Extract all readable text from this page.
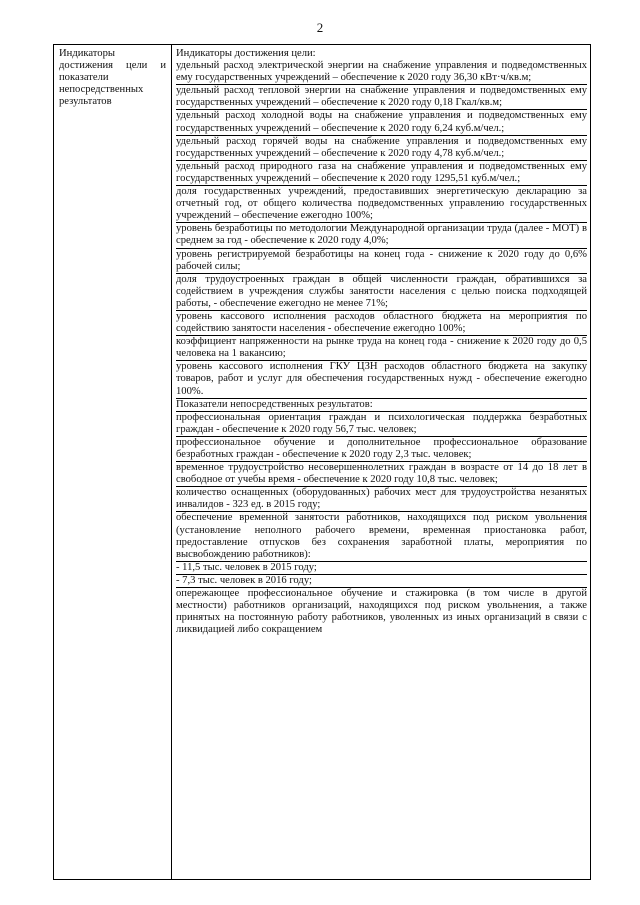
2
Индикаторы достижения цели и показатели непосредственных результатов
Индикаторы достижения цели:
удельный расход электрической энергии на снабжение управления и подведомственных ему государственных учреждений – обеспечение к 2020 году 36,30 кВт·ч/кв.м;
удельный расход тепловой энергии на снабжение управления и подведомственных ему государственных учреждений – обеспечение к 2020 году 0,18 Гкал/кв.м;
удельный расход холодной воды на снабжение управления и подведомственных ему государственных учреждений – обеспечение к 2020 году 6,24 куб.м/чел.;
удельный расход горячей воды на снабжение управления и подведомственных ему государственных учреждений – обеспечение к 2020 году 4,78 куб.м/чел.;
удельный расход природного газа на снабжение управления и подведомственных ему государственных учреждений – обеспечение к 2020 году 1295,51 куб.м/чел.;
доля государственных учреждений, предоставивших энергетическую декларацию за отчетный год, от общего количества подведомственных управлению государственных учреждений – обеспечение ежегодно 100%;
уровень безработицы по методологии Международной организации труда (далее - МОТ) в среднем за год - обеспечение к 2020 году 4,0%;
уровень регистрируемой безработицы на конец года - снижение к 2020 году до 0,6% рабочей силы;
доля трудоустроенных граждан в общей численности граждан, обратившихся за содействием в учреждения службы занятости населения с целью поиска подходящей работы, - обеспечение ежегодно не менее 71%;
уровень кассового исполнения расходов областного бюджета на мероприятия по содействию занятости населения - обеспечение ежегодно 100%;
коэффициент напряженности на рынке труда на конец года - снижение к 2020 году до 0,5 человека на 1 вакансию;
уровень кассового исполнения ГКУ ЦЗН расходов областного бюджета на закупку товаров, работ и услуг для обеспечения государственных нужд - обеспечение ежегодно 100%.
Показатели непосредственных результатов:
профессиональная ориентация граждан и психологическая поддержка безработных граждан - обеспечение к 2020 году 56,7 тыс. человек;
профессиональное обучение и дополнительное профессиональное образование безработных граждан - обеспечение к 2020 году 2,3 тыс. человек;
временное трудоустройство несовершеннолетних граждан в возрасте от 14 до 18 лет в свободное от учебы время - обеспечение к 2020 году 10,8 тыс. человек;
количество оснащенных (оборудованных) рабочих мест для трудоустройства незанятых инвалидов - 323 ед. в 2015 году;
обеспечение временной занятости работников, находящихся под риском увольнения (установление неполного рабочего времени, временная приостановка работ, предоставление отпусков без сохранения заработной платы, мероприятия по высвобождению работников):
- 11,5 тыс. человек в 2015 году;
- 7,3 тыс. человек в 2016 году;
опережающее профессиональное обучение и стажировка (в том числе в другой местности) работников организаций, находящихся под риском увольнения, а также принятых на постоянную работу работников, уволенных из иных организаций в связи с ликвидацией либо сокращением
